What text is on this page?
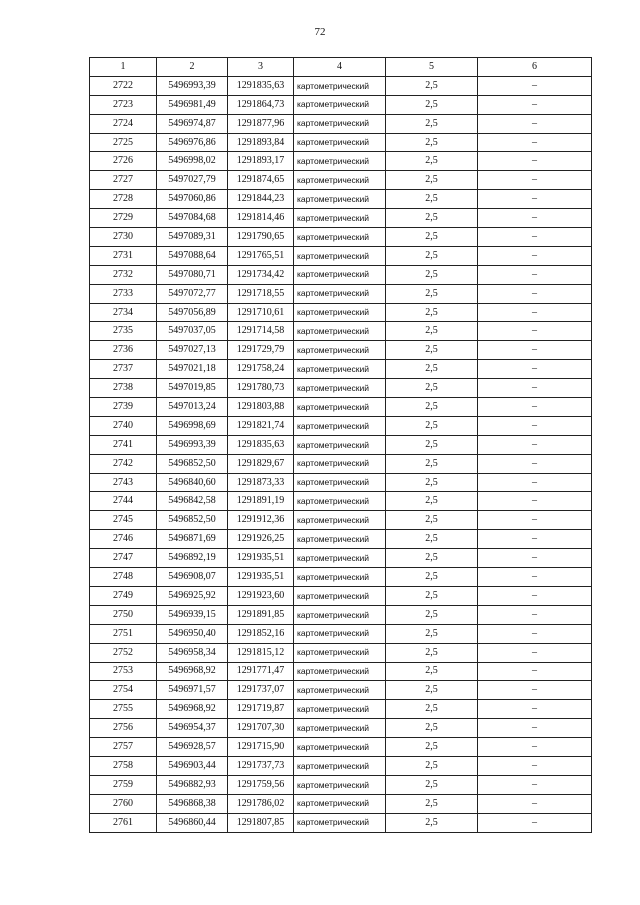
72
1	2	3	4	5	6
2722	5496993,39	1291835,63	картометрический	2,5	–
2723	5496981,49	1291864,73	картометрический	2,5	–
2724	5496974,87	1291877,96	картометрический	2,5	–
2725	5496976,86	1291893,84	картометрический	2,5	–
2726	5496998,02	1291893,17	картометрический	2,5	–
2727	5497027,79	1291874,65	картометрический	2,5	–
2728	5497060,86	1291844,23	картометрический	2,5	–
2729	5497084,68	1291814,46	картометрический	2,5	–
2730	5497089,31	1291790,65	картометрический	2,5	–
2731	5497088,64	1291765,51	картометрический	2,5	–
2732	5497080,71	1291734,42	картометрический	2,5	–
2733	5497072,77	1291718,55	картометрический	2,5	–
2734	5497056,89	1291710,61	картометрический	2,5	–
2735	5497037,05	1291714,58	картометрический	2,5	–
2736	5497027,13	1291729,79	картометрический	2,5	–
2737	5497021,18	1291758,24	картометрический	2,5	–
2738	5497019,85	1291780,73	картометрический	2,5	–
2739	5497013,24	1291803,88	картометрический	2,5	–
2740	5496998,69	1291821,74	картометрический	2,5	–
2741	5496993,39	1291835,63	картометрический	2,5	–
2742	5496852,50	1291829,67	картометрический	2,5	–
2743	5496840,60	1291873,33	картометрический	2,5	–
2744	5496842,58	1291891,19	картометрический	2,5	–
2745	5496852,50	1291912,36	картометрический	2,5	–
2746	5496871,69	1291926,25	картометрический	2,5	–
2747	5496892,19	1291935,51	картометрический	2,5	–
2748	5496908,07	1291935,51	картометрический	2,5	–
2749	5496925,92	1291923,60	картометрический	2,5	–
2750	5496939,15	1291891,85	картометрический	2,5	–
2751	5496950,40	1291852,16	картометрический	2,5	–
2752	5496958,34	1291815,12	картометрический	2,5	–
2753	5496968,92	1291771,47	картометрический	2,5	–
2754	5496971,57	1291737,07	картометрический	2,5	–
2755	5496968,92	1291719,87	картометрический	2,5	–
2756	5496954,37	1291707,30	картометрический	2,5	–
2757	5496928,57	1291715,90	картометрический	2,5	–
2758	5496903,44	1291737,73	картометрический	2,5	–
2759	5496882,93	1291759,56	картометрический	2,5	–
2760	5496868,38	1291786,02	картометрический	2,5	–
2761	5496860,44	1291807,85	картометрический	2,5	–
